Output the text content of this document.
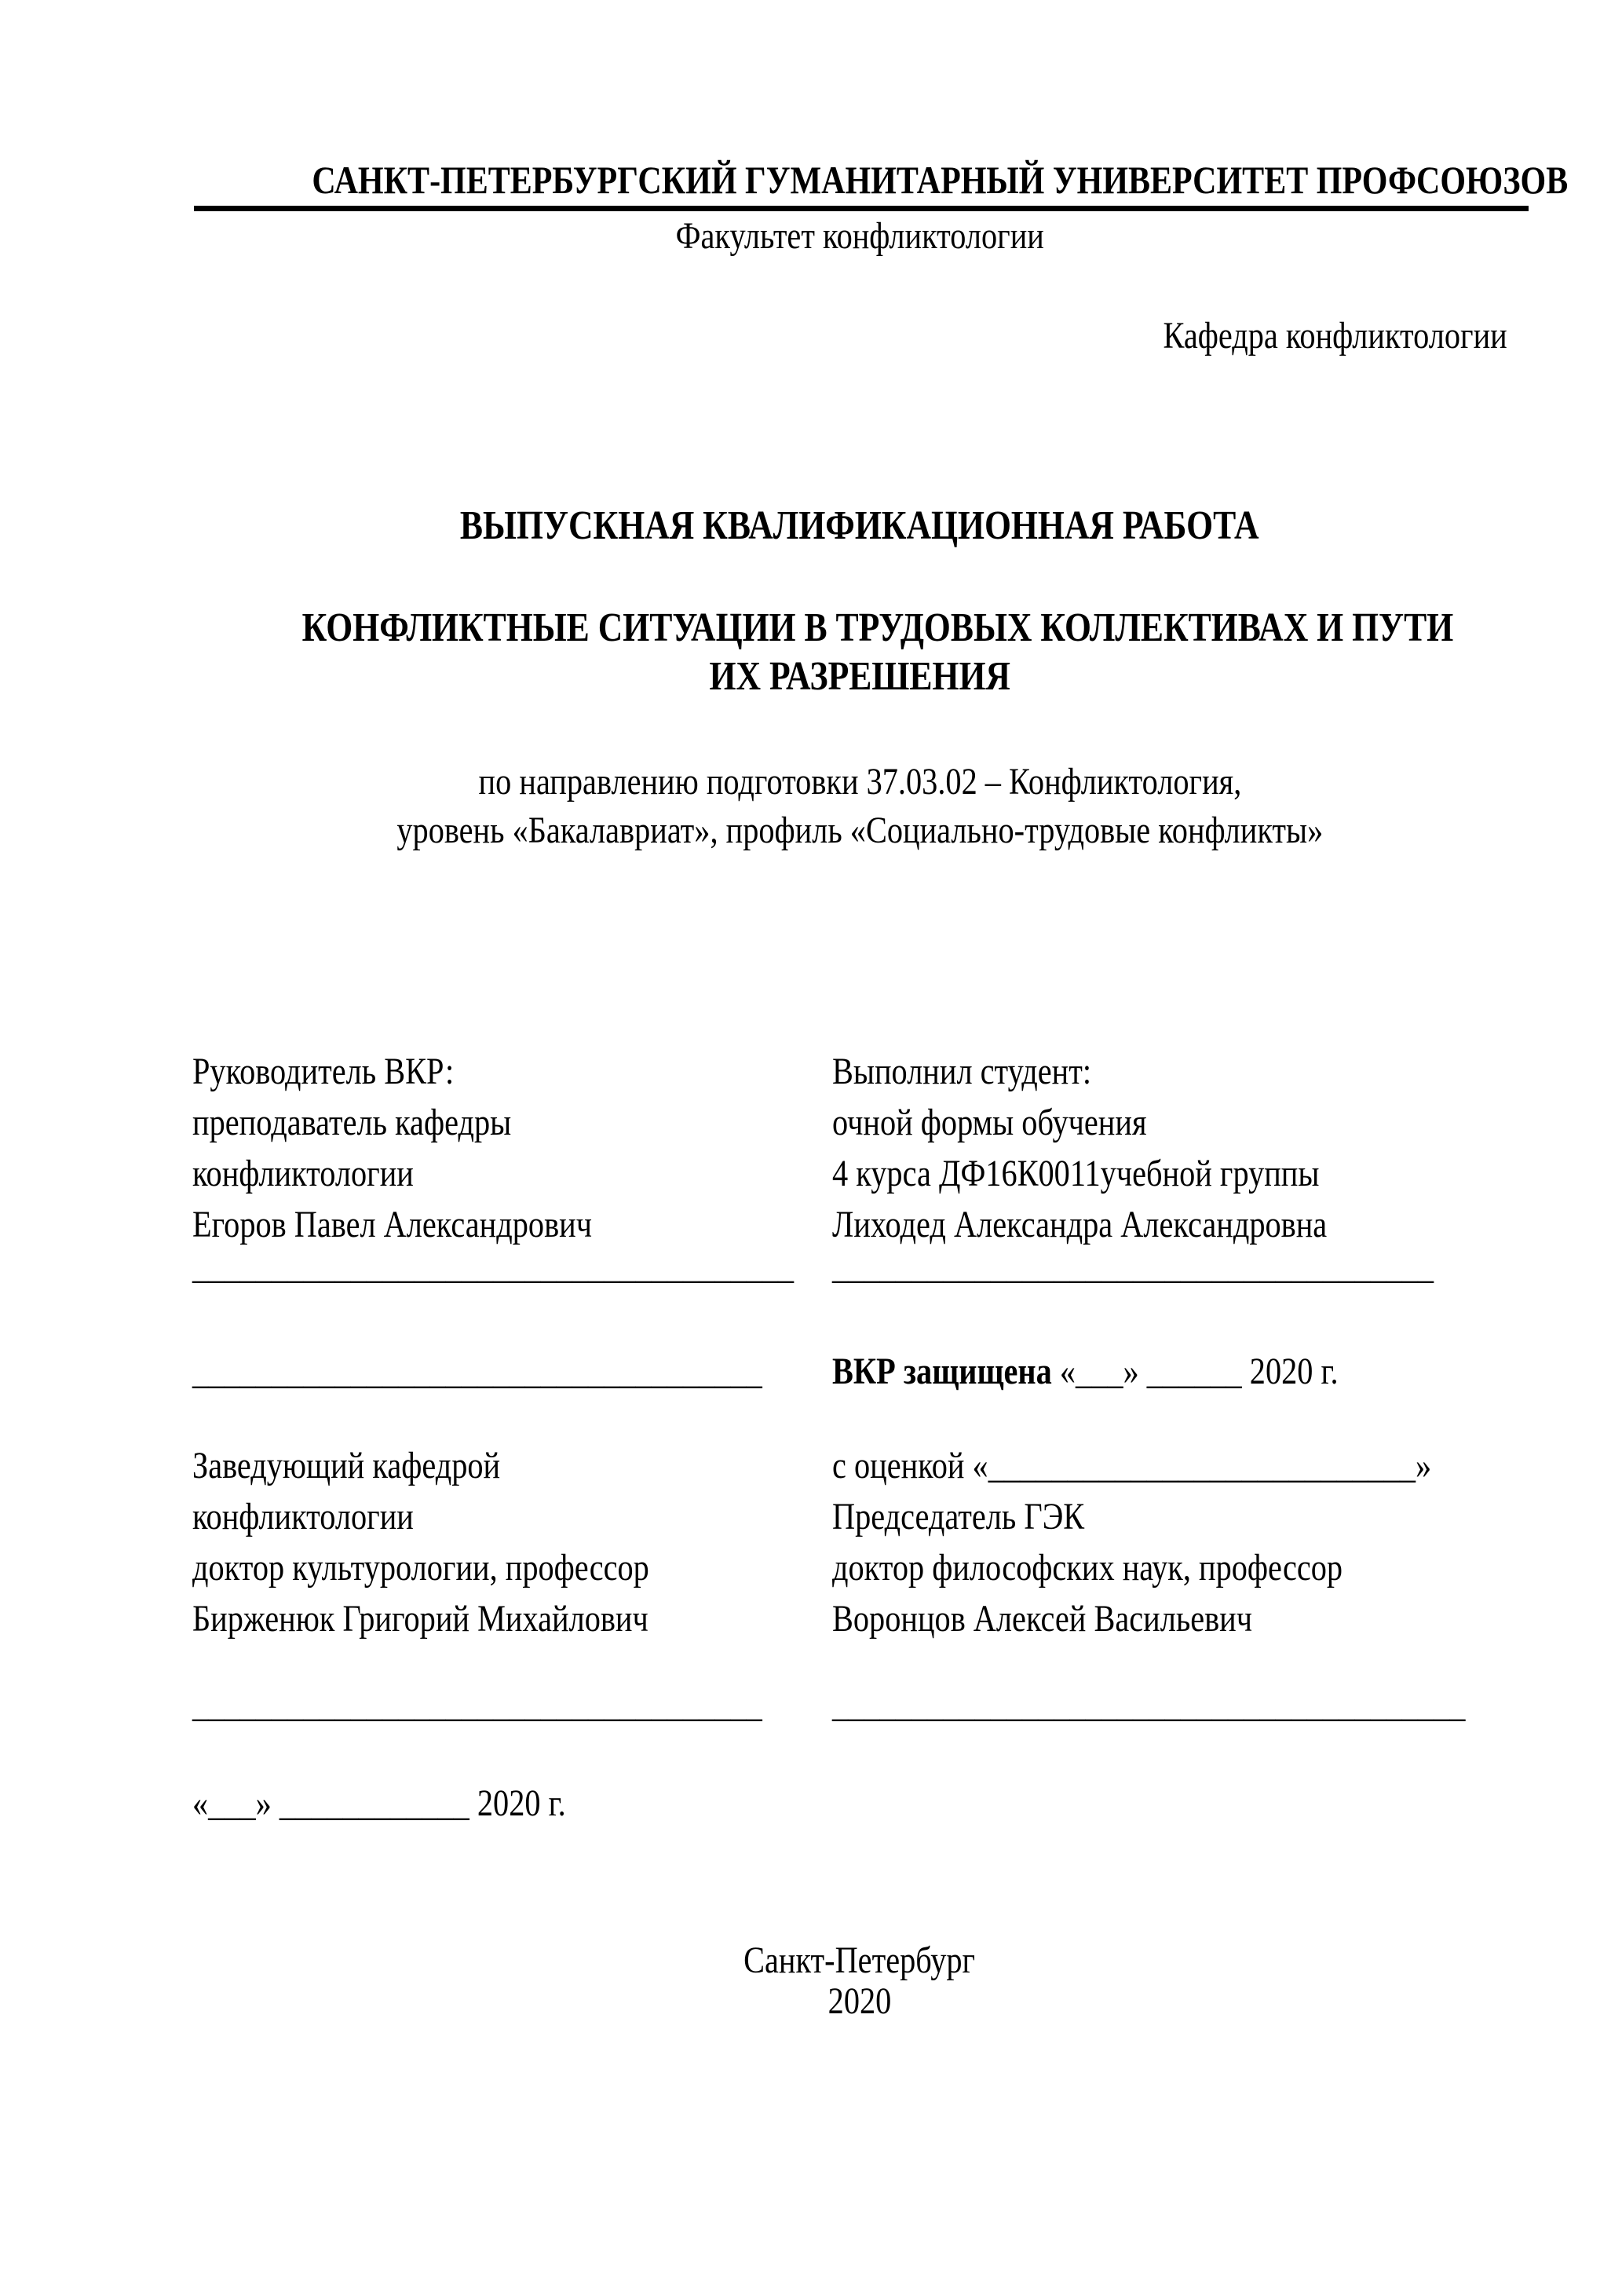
САНКТ-ПЕТЕРБУРГСКИЙ ГУМАНИТАРНЫЙ УНИВЕРСИТЕТ ПРОФСОЮЗОВ
Факультет конфликтологии
Кафедра конфликтологии
ВЫПУСКНАЯ КВАЛИФИКАЦИОННАЯ РАБОТА
КОНФЛИКТНЫЕ СИТУАЦИИ В ТРУДОВЫХ КОЛЛЕКТИВАХ И ПУТИ
ИХ РАЗРЕШЕНИЯ
по направлению подготовки 37.03.02 – Конфликтология,
уровень «Бакалавриат», профиль «Социально-трудовые конфликты»
Руководитель ВКР:
преподаватель кафедры
конфликтологии
Егоров Павел Александрович
Выполнил студент:
очной формы обучения
4 курса ДФ16К0011учебной группы
Лиходед Александра Александровна
______________________________________	______________________________________
____________________________________	ВКР защищена «___» ______ 2020 г.
Заведующий кафедрой
конфликтологии
доктор культурологии, профессор
Бирженюк Григорий Михайлович
с оценкой «___________________________»
Председатель ГЭК
доктор философских наук, профессор
Воронцов Алексей Васильевич
____________________________________	________________________________________
«___» ____________ 2020 г.
Санкт-Петербург
2020
